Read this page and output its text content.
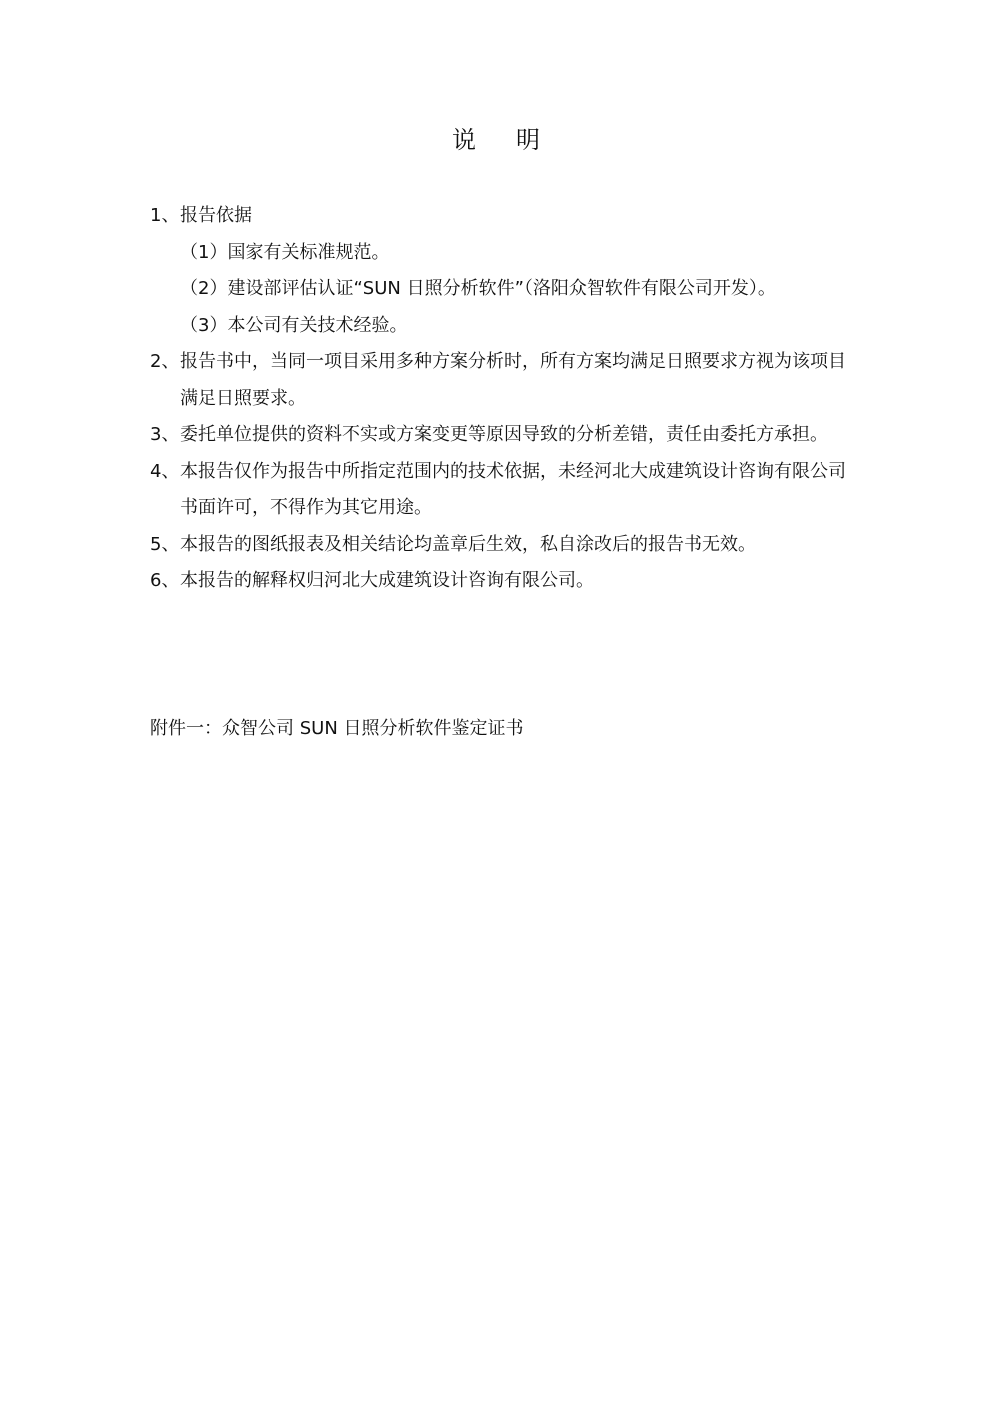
说 明
1、 报告依据
（1）国家有关标准规范。
（2）建设部评估认证“SUN 日照分析软件”（洛阳众智软件有限公司开发）。
（3）本公司有关技术经验。
2、 报告书中，当同一项目采用多种方案分析时，所有方案均满足日照要求方视为该项目满足日照要求。
3、 委托单位提供的资料不实或方案变更等原因导致的分析差错，责任由委托方承担。
4、 本报告仅作为报告中所指定范围内的技术依据，未经河北大成建筑设计咨询有限公司书面许可，不得作为其它用途。
5、 本报告的图纸报表及相关结论均盖章后生效，私自涂改后的报告书无效。
6、 本报告的解释权归河北大成建筑设计咨询有限公司。
附件一：众智公司 SUN 日照分析软件鉴定证书
